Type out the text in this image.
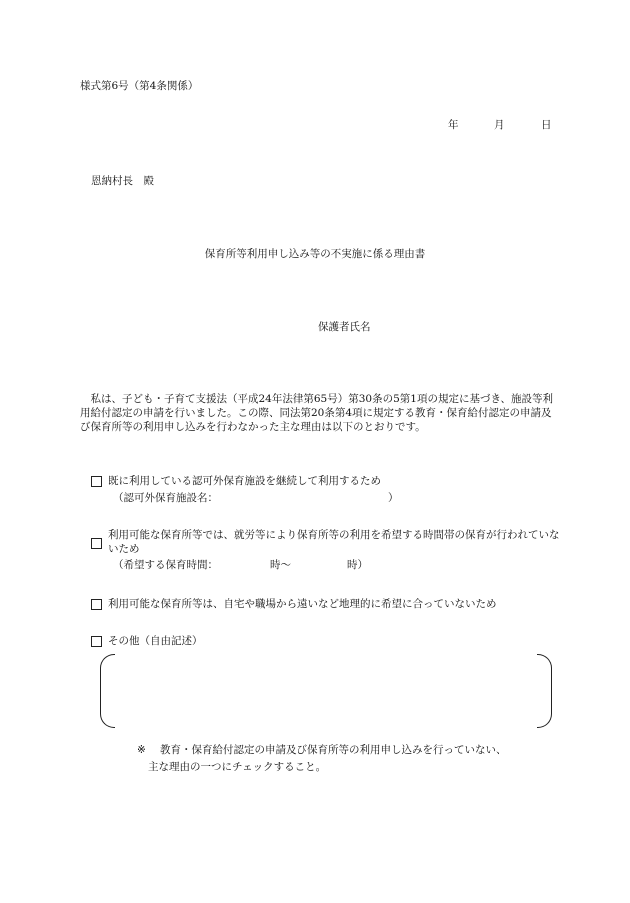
様式第6号（第4条関係）
年	月	日
恩納村長　殿
保育所等利用申し込み等の不実施に係る理由書
保護者氏名
私は、子ども・子育て支援法（平成24年法律第65号）第30条の5第1項の規定に基づき、施設等利用給付認定の申請を行いました。この際、同法第20条第4項に規定する教育・保育給付認定の申請及び保育所等の利用申し込みを行わなかった主な理由は以下のとおりです。
既に利用している認可外保育施設を継続して利用するため
（認可外保育施設名：	）
利用可能な保育所等では、就労等により保育所等の利用を希望する時間帯の保育が行われていないため
（希望する保育時間：	時～	時）
利用可能な保育所等は、自宅や職場から遠いなど地理的に希望に合っていないため
その他（自由記述）
※ 教育・保育給付認定の申請及び保育所等の利用申し込みを行っていない、
主な理由の一つにチェックすること。
